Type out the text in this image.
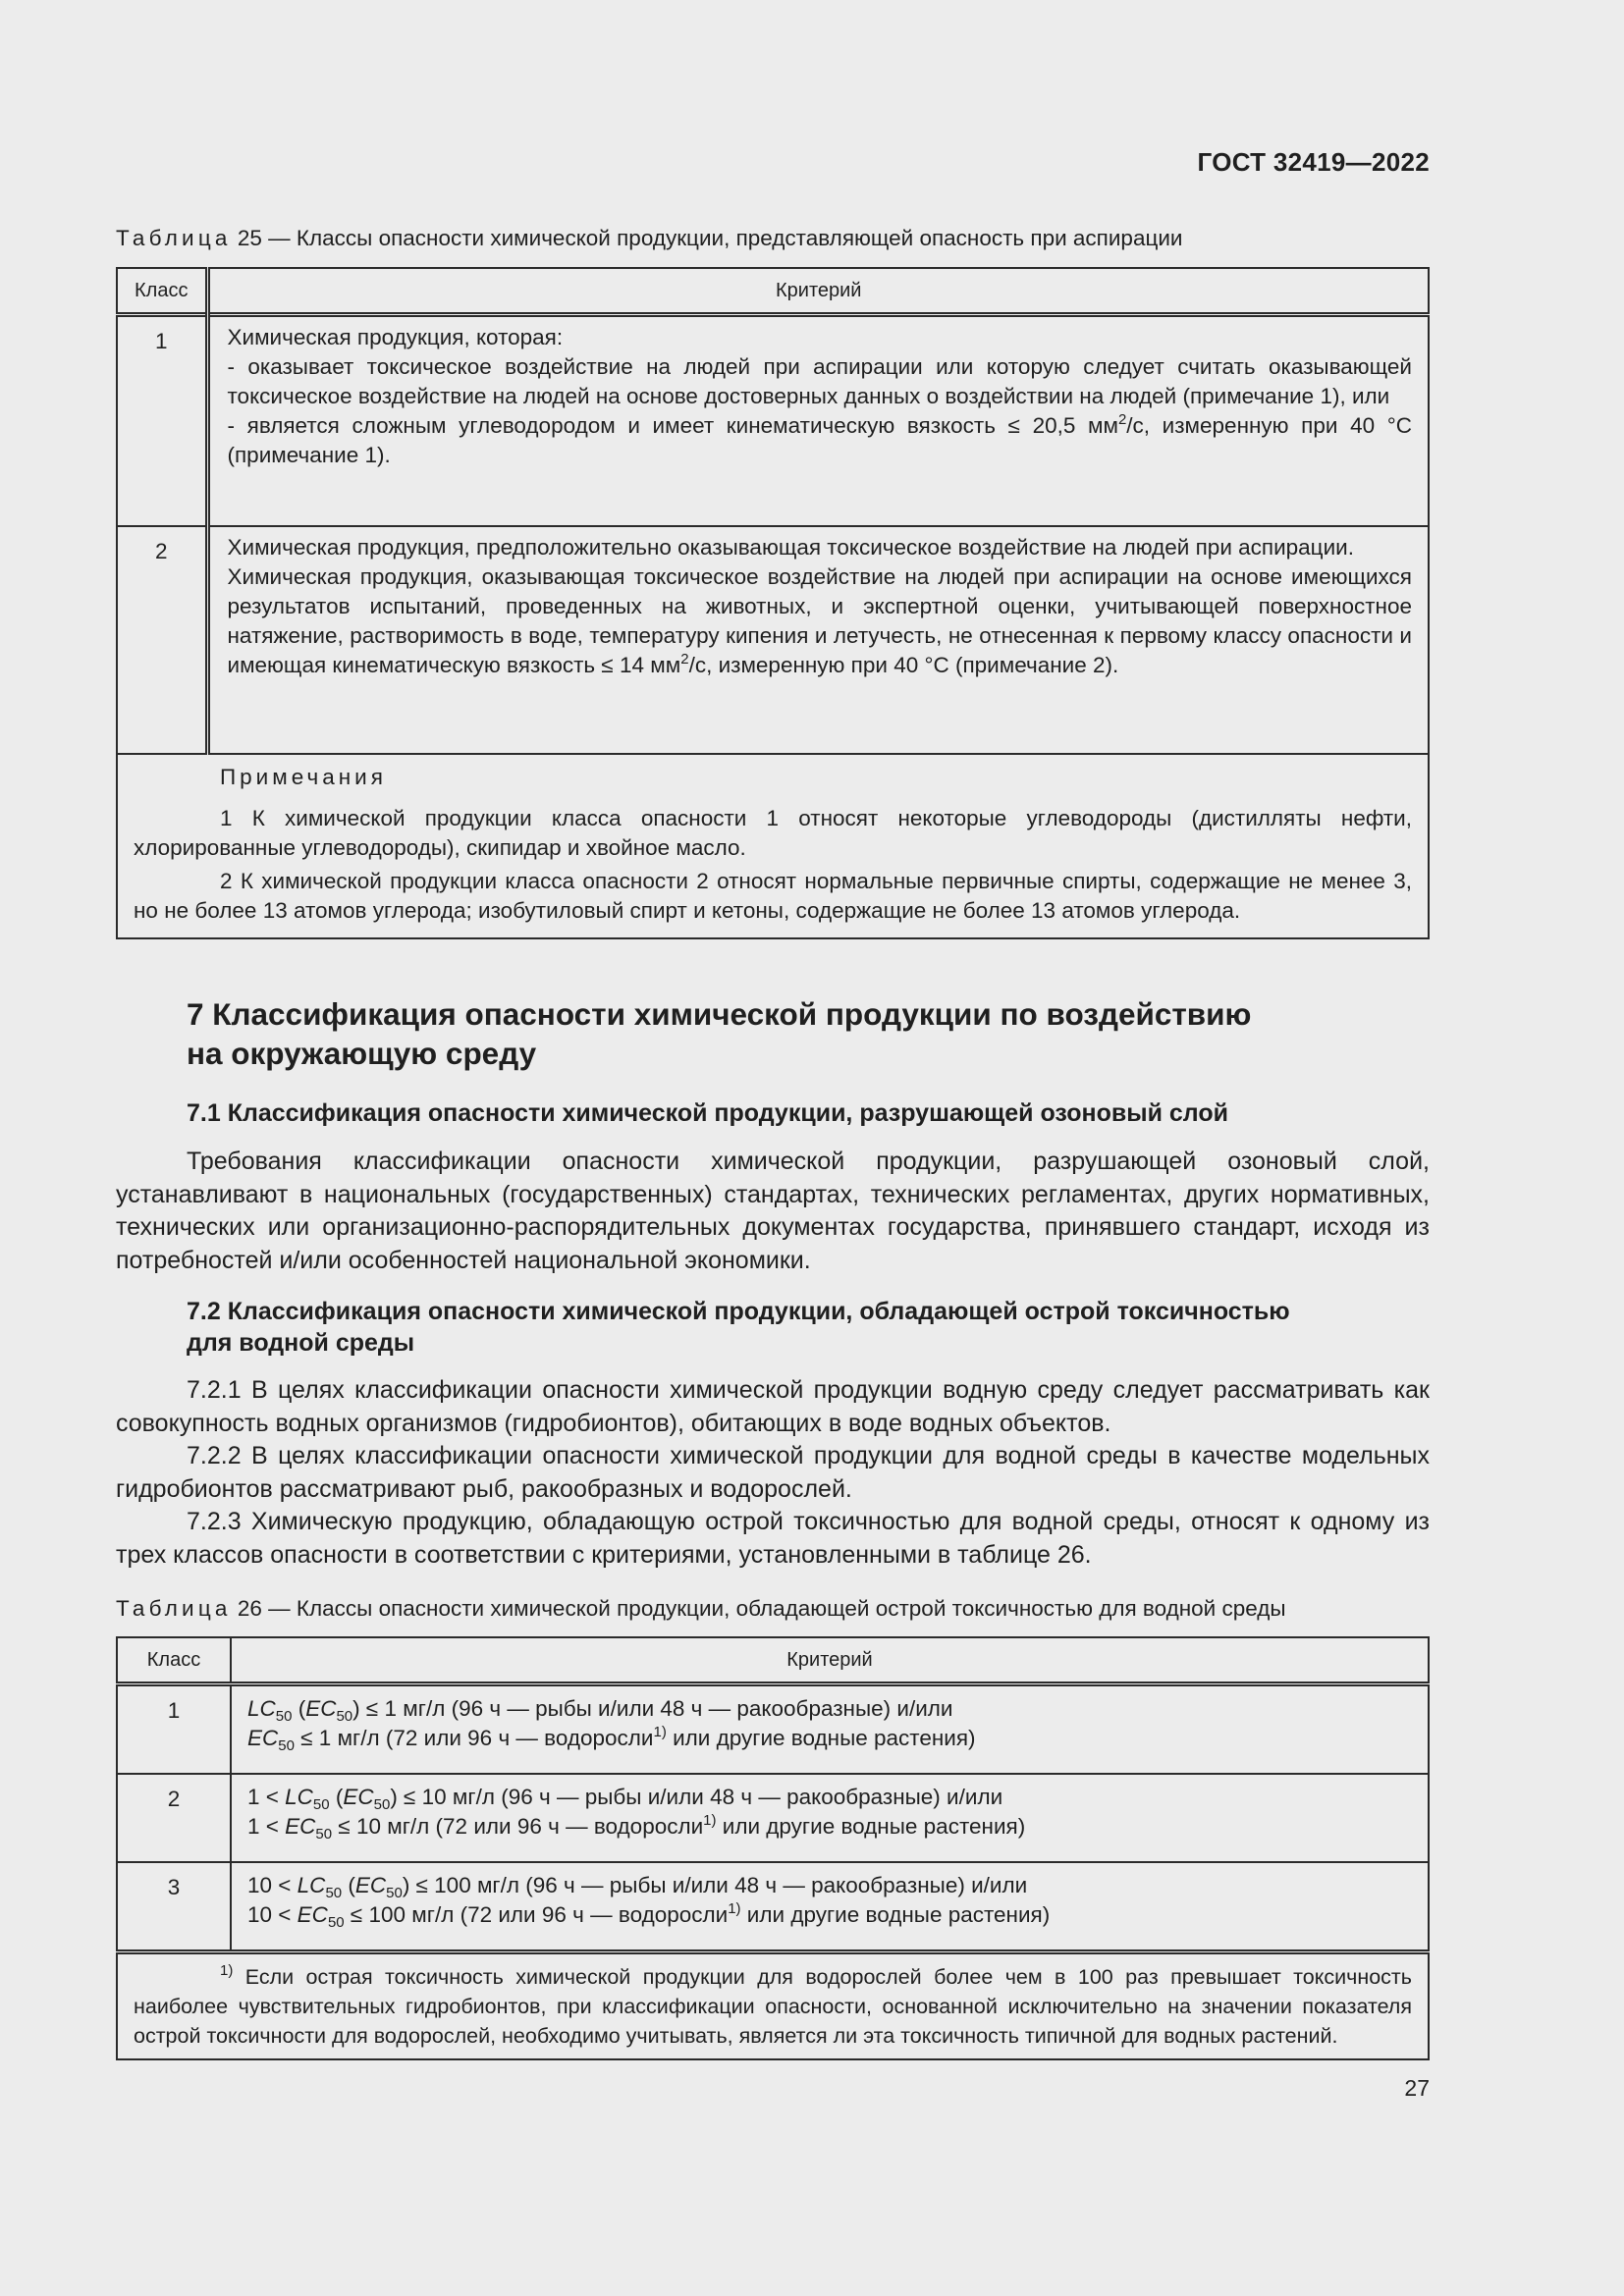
ГОСТ 32419—2022
Таблица 25 — Классы опасности химической продукции, представляющей опасность при аспирации
Класс	Критерий
1	Химическая продукция, которая:
- оказывает токсическое воздействие на людей при аспирации или которую следует считать оказывающей токсическое воздействие на людей на основе достоверных данных о воздействии на людей (примечание 1), или
- является сложным углеводородом и имеет кинематическую вязкость ≤ 20,5 $мм^2/с$, измеренную при 40 °С (примечание 1).

2	Химическая продукция, предположительно оказывающая токсическое воздействие на людей при аспирации.
Химическая продукция, оказывающая токсическое воздействие на людей при аспирации на основе имеющихся результатов испытаний, проведенных на животных, и экспертной оценки, учитывающей поверхностное натяжение, растворимость в воде, температуру кипения и летучесть, не отнесенная к первому классу опасности и имеющая кинематическую вязкость ≤ 14 $мм^2/с$, измеренную при 40 °С (примечание 2).

Примечания
1 К химической продукции класса опасности 1 относят некоторые углеводороды (дистилляты нефти, хлорированные углеводороды), скипидар и хвойное масло.
2 К химической продукции класса опасности 2 относят нормальные первичные спирты, содержащие не менее 3, но не более 13 атомов углерода; изобутиловый спирт и кетоны, содержащие не более 13 атомов углерода.	
7 Классификация опасности химической продукции по воздействию
на окружающую среду
7.1 Классификация опасности химической продукции, разрушающей озоновый слой
Требования классификации опасности химической продукции, разрушающей озоновый слой, устанавливают в национальных (государственных) стандартах, технических регламентах, других нормативных, технических или организационно-распорядительных документах государства, принявшего стандарт, исходя из потребностей и/или особенностей национальной экономики.
7.2 Классификация опасности химической продукции, обладающей острой токсичностью
для водной среды
7.2.1 В целях классификации опасности химической продукции водную среду следует рассматривать как совокупность водных организмов (гидробионтов), обитающих в воде водных объектов.
7.2.2 В целях классификации опасности химической продукции для водной среды в качестве модельных гидробионтов рассматривают рыб, ракообразных и водорослей.
7.2.3 Химическую продукцию, обладающую острой токсичностью для водной среды, относят к одному из трех классов опасности в соответствии с критериями, установленными в таблице 26.
Таблица 26 — Классы опасности химической продукции, обладающей острой токсичностью для водной среды
Класс	Критерий
1	$LC_{50}$ $(EC_{50}) \le 1$ мг/л (96 ч — рыбы и/или 48 ч — ракообразные) и/или
$EC_{50} \le 1$ мг/л (72 или 96 ч — водоросли$^{1)}$ или другие водные растения)

2	$1 < LC_{50}$ $(EC_{50}) \le 10$ мг/л (96 ч — рыбы и/или 48 ч — ракообразные) и/или
$1 < EC_{50} \le 10$ мг/л (72 или 96 ч — водоросли$^{1)}$ или другие водные растения)

3	$10 < LC_{50}$ $(EC_{50}) \le 100$ мг/л (96 ч — рыбы и/или 48 ч — ракообразные) и/или
$10 < EC_{50} \le 100$ мг/л (72 или 96 ч — водоросли$^{1)}$ или другие водные растения)

$^{1)}$ Если острая токсичность химической продукции для водорослей более чем в 100 раз превышает токсичность наиболее чувствительных гидробионтов, при классификации опасности, основанной исключительно на значении показателя острой токсичности для водорослей, необходимо учитывать, является ли эта токсичность типичной для водных растений.	
27
